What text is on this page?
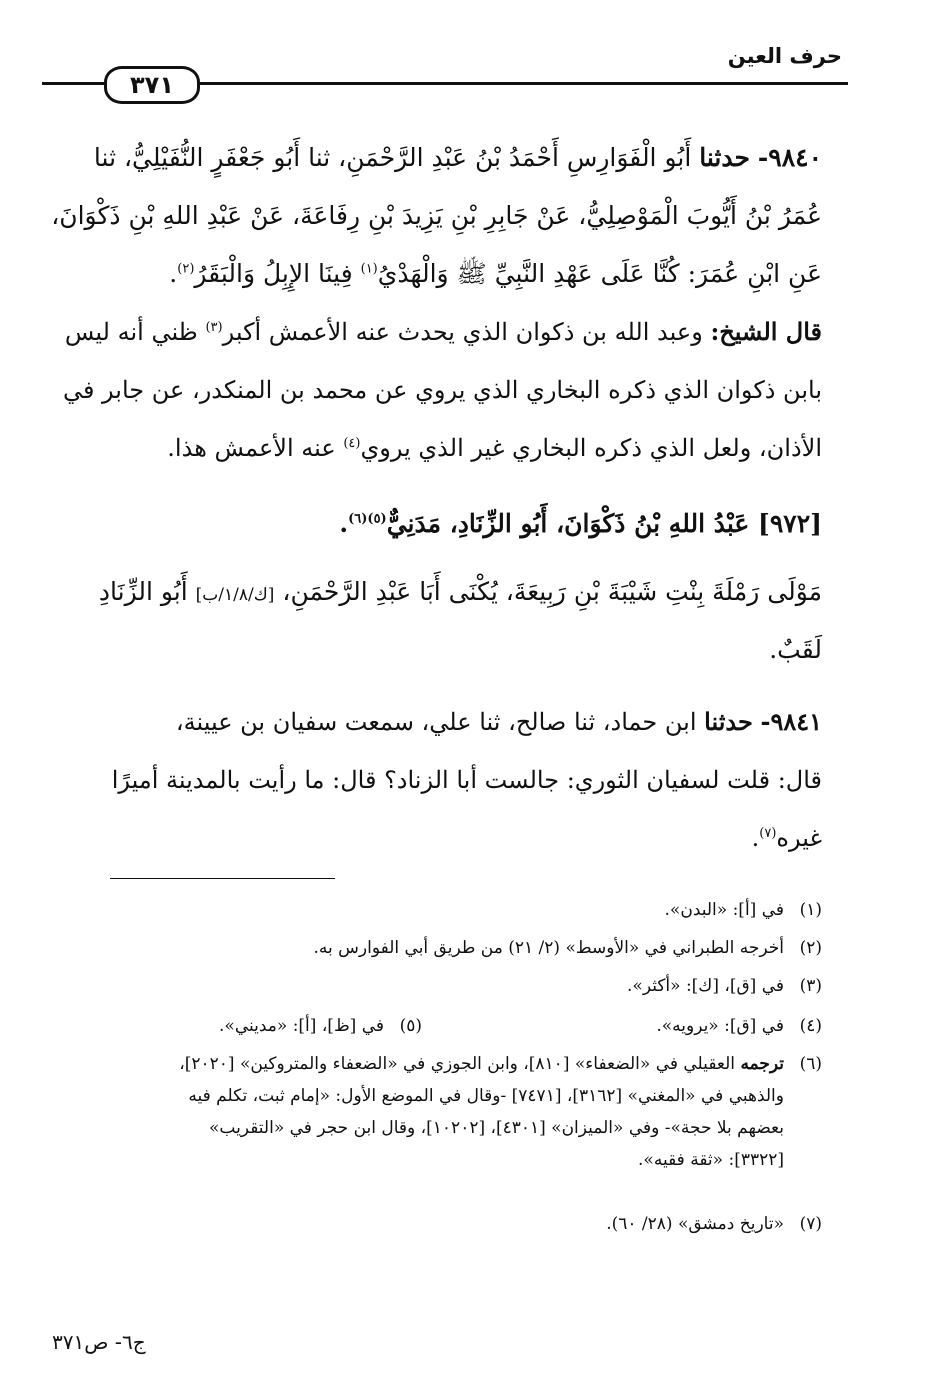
حرف العين
٣٧١
٩٨٤٠- حدثنا أَبُو الْفَوَارِسِ أَحْمَدُ بْنُ عَبْدِ الرَّحْمَنِ، ثنا أَبُو جَعْفَرٍ النُّفَيْلِيُّ، ثنا
عُمَرُ بْنُ أَيُّوبَ الْمَوْصِلِيُّ، عَنْ جَابِرِ بْنِ يَزِيدَ بْنِ رِفَاعَةَ، عَنْ عَبْدِ اللهِ بْنِ ذَكْوَانَ،
عَنِ ابْنِ عُمَرَ: كُنَّا عَلَى عَهْدِ النَّبِيِّ ﷺ وَالْهَدْيُ$^{(١)}$ فِينَا الإِبِلُ وَالْبَقَرُ$^{(٢)}$.
قال الشيخ: وعبد الله بن ذكوان الذي يحدث عنه الأعمش أكبر$^{(٣)}$ ظني أنه ليس
بابن ذكوان الذي ذكره البخاري الذي يروي عن محمد بن المنكدر، عن جابر في
الأذان، ولعل الذي ذكره البخاري غير الذي يروي$^{(٤)}$ عنه الأعمش هذا.
[٩٧٢] عَبْدُ اللهِ بْنُ ذَكْوَانَ، أَبُو الزِّنَادِ، مَدَنِيٌّ$^{(٥)(٦)}$.
مَوْلَى رَمْلَةَ بِنْتِ شَيْبَةَ بْنِ رَبِيعَةَ، يُكْنَى أَبَا عَبْدِ الرَّحْمَنِ، [ك/١/٨/ب] أَبُو الزِّنَادِ
لَقَبٌ.
٩٨٤١- حدثنا ابن حماد، ثنا صالح، ثنا علي، سمعت سفيان بن عيينة،
قال: قلت لسفيان الثوري: جالست أبا الزناد؟ قال: ما رأيت بالمدينة أميرًا
غيره$^{(٧)}$.
(١)في [أ]: «البدن».
(٢)أخرجه الطبراني في «الأوسط» (٢/ ٢١) من طريق أبي الفوارس به.
(٣)في [ق]، [ك]: «أكثر».
(٤)في [ق]: «يرويه».
(٥)في [ظ]، [أ]: «مديني».
(٦)ترجمه العقيلي في «الضعفاء» [٨١٠]، وابن الجوزي في «الضعفاء والمتروكين» [٢٠٢٠]،
والذهبي في «المغني» [٣١٦٢]، [٧٤٧١] -وقال في الموضع الأول: «إمام ثبت، تكلم فيه
بعضهم بلا حجة»- وفي «الميزان» [٤٣٠١]، [١٠٢٠٢]، وقال ابن حجر في «التقريب»
[٣٣٢٢]: «ثقة فقيه».
(٧)«تاريخ دمشق» (٢٨/ ٦٠).
ج٦- ص٣٧١
